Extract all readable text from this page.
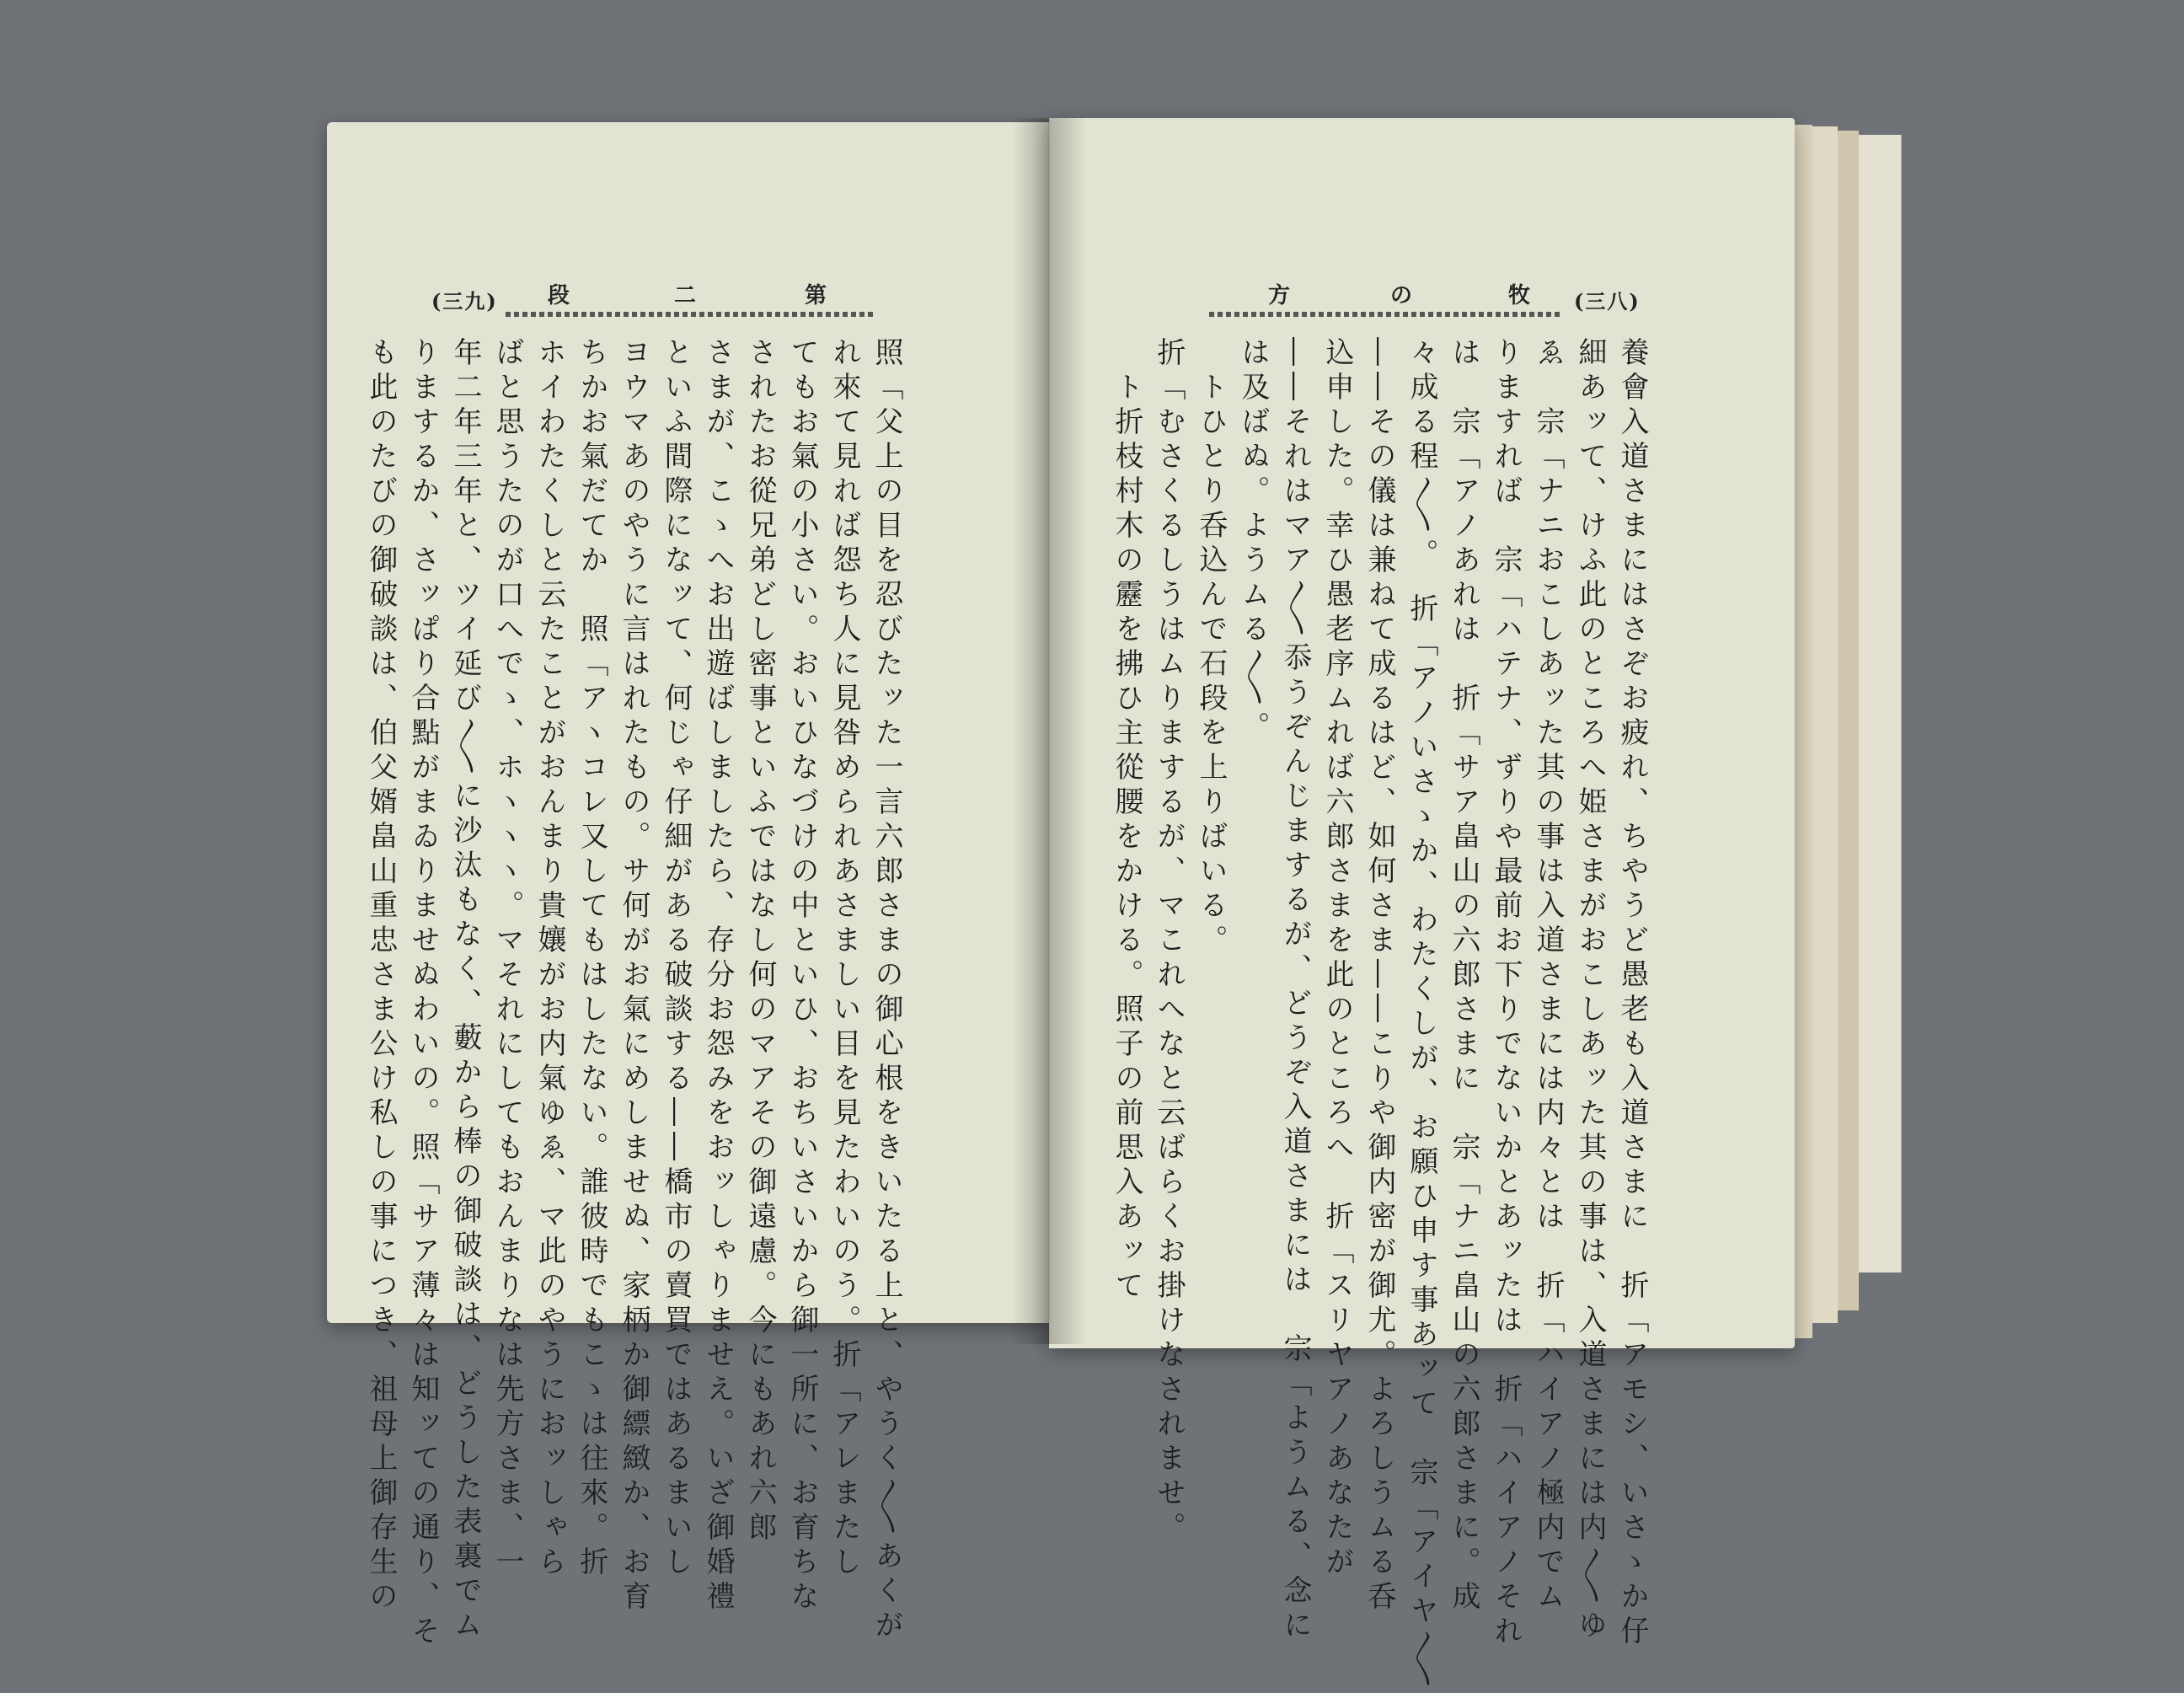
(三九) 段	二	第	方	の	牧 (三八)
照「父上の目を忍びたッた一言六郎さまの御心根をきいたる上と、やうく〳〵あくが
れ來て見れば怨ち人に見咎められあさましい目を見たわいのう。折「アレまたし
てもお氣の小さい。おいひなづけの中といひ、おちいさいから御一所に、お育ちな
されたお從兄弟どし密事といふではなし何のマアその御遠慮。今にもあれ六郎
さまが、こゝへお出遊ばしましたら、存分お怨みをおッしゃりませえ。いざ御婚禮
といふ間際になッて、何じゃ仔細がある破談する――橋市の賣買ではあるまいし
ヨウマあのやうに言はれたもの。サ何がお氣にめしませぬ、家柄か御縹緻か、お育
ちかお氣だてか　照「アヽコレ又してもはしたない。誰彼時でもこゝは往來。折
ホイわたくしと云たことがおんまり貴孃がお内氣ゆゑ、マ此のやうにおッしゃら
ばと思うたのが口へでゝ、ホヽヽヽ。マそれにしてもおんまりなは先方さま、一
年二年三年と、ツイ延び〳〵に沙汰もなく、藪から棒の御破談は、どうした表裏でム
りまするか、さッぱり合點がまゐりませぬわいの。照「サア薄々は知ッての通り、そ
も此のたびの御破談は、伯父婿畠山重忠さま公け私しの事につき、祖母上御存生の	養會入道さまにはさぞお疲れ、ちやうど愚老も入道さまに　折「アモシ、いさゝか仔
細あッて、けふ此のところへ姫さまがおこしあッた其の事は、入道さまには内〳〵ゆ
ゑ　宗「ナニおこしあッた其の事は入道さまには内々とは　折「ハイアノ極内でム
りますれば　宗「ハテナ、ずりや最前お下りでないかとあッたは　折「ハイアノそれ
は　宗「アノあれは　折「サア畠山の六郎さまに　宗「ナニ畠山の六郎さまに。成
々成る程〳〵。　折「アノいさゝか、わたくしが、お願ひ申す事あッて　宗「アイヤ〳〵
――その儀は兼ねて成るはど、如何さま――こりや御内密が御尤。よろしうムる呑
込申した。幸ひ愚老序ムれば六郎さまを此のところへ　折「スリヤアノあなたが
――それはマア〳〵忝うぞんじまするが、どうぞ入道さまには　宗「ようムる、念に
は及ばぬ。ようムる〳〵。
　トひとり呑込んで石段を上りばいる。
折「むさくるしうはムりまするが、マこれへなと云ばらくお掛けなされませ。
　ト折枝村木の靂を拂ひ主從腰をかける。照子の前思入あッて
